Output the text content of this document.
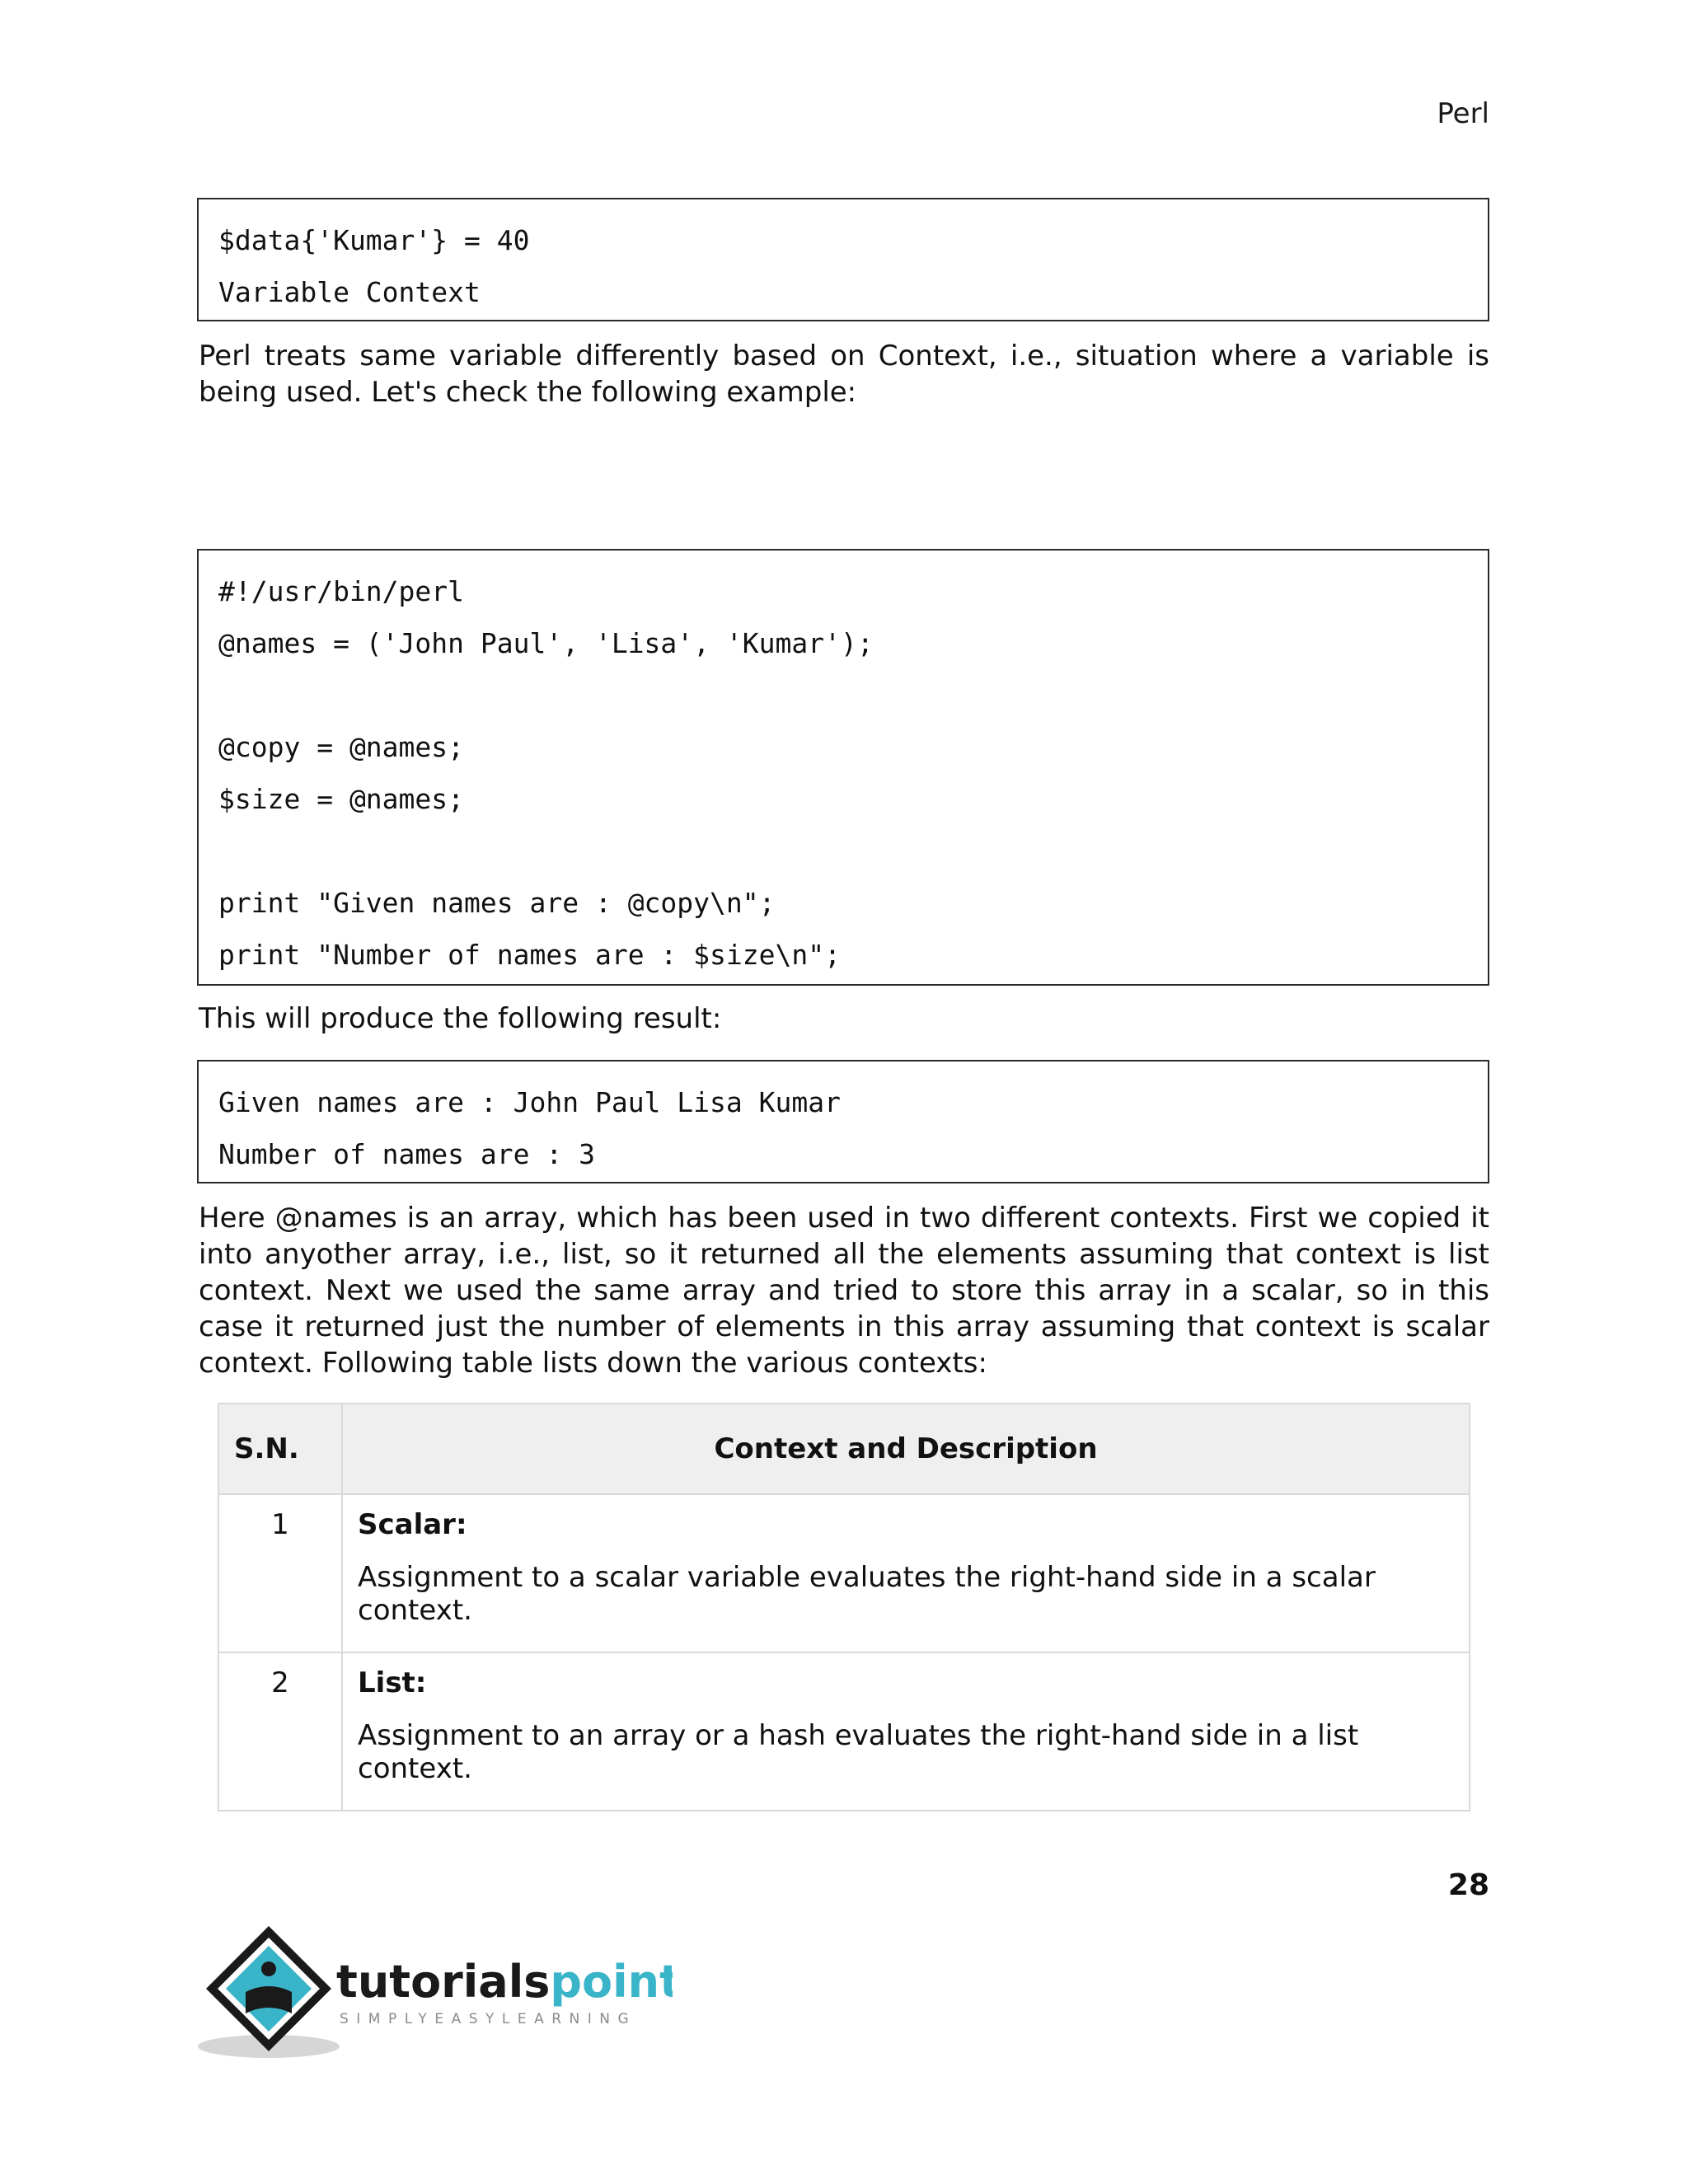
Perl
$data{'Kumar'} = 40
Variable Context
Perl treats same variable differently based on Context, i.e., situation where a variable is being used. Let's check the following example:
#!/usr/bin/perl
@names = ('John Paul', 'Lisa', 'Kumar');
@copy = @names;
$size = @names;
print "Given names are : @copy\n";
print "Number of names are : $size\n";
This will produce the following result:
Given names are : John Paul Lisa Kumar
Number of names are : 3
Here @names is an array, which has been used in two different contexts. First we copied it into anyother array, i.e., list, so it returned all the elements assuming that context is list context. Next we used the same array and tried to store this array in a scalar, so in this case it returned just the number of elements in this array assuming that context is scalar context. Following table lists down the various contexts:
S.N.	Context and Description
1	Scalar:
Assignment to a scalar variable evaluates the right-hand side in a scalar context.

2	List:
Assignment to an array or a hash evaluates the right-hand side in a list context.
28
tutorialspoint
SIMPLYEASYLEARNING
